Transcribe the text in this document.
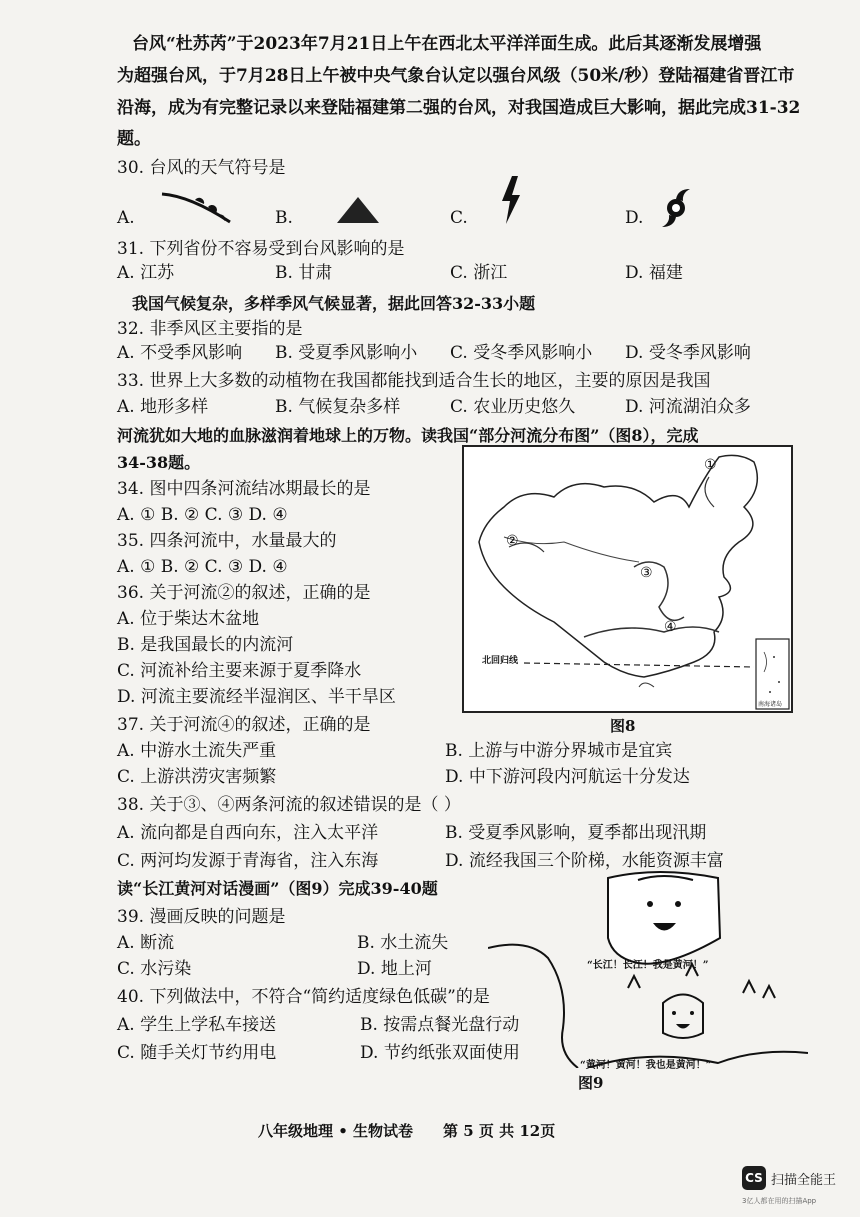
台风“杜苏芮”于2023年7月21日上午在西北太平洋洋面生成。此后其逐渐发展增强
为超强台风，于7月28日上午被中央气象台认定以强台风级（50米/秒）登陆福建省晋江市
沿海，成为有完整记录以来登陆福建第二强的台风，对我国造成巨大影响，据此完成31-32
题。
30. 台风的天气符号是
A.	B.	C.	D.
31. 下列省份不容易受到台风影响的是
A. 江苏	B. 甘肃	C. 浙江	D. 福建
我国气候复杂，多样季风气候显著，据此回答32-33小题
32. 非季风区主要指的是
A. 不受季风影响 B. 受夏季风影响小 C. 受冬季风影响小 D. 受冬季风影响
33. 世界上大多数的动植物在我国都能找到适合生长的地区，主要的原因是我国
A. 地形多样	B. 气候复杂多样	C. 农业历史悠久	D. 河流湖泊众多
河流犹如大地的血脉滋润着地球上的万物。读我国“部分河流分布图”（图8），完成
34-38题。
34. 图中四条河流结冰期最长的是
A. ① B. ② C. ③ D. ④
35. 四条河流中，水量最大的
A. ① B. ② C. ③ D. ④
36. 关于河流②的叙述，正确的是
A. 位于柴达木盆地
B. 是我国最长的内流河
C. 河流补给主要来源于夏季降水
D. 河流主要流经半湿润区、半干旱区
①
②
③
④
北回归线
南海诸岛
图8
37. 关于河流④的叙述，正确的是
A. 中游水土流失严重	B. 上游与中游分界城市是宜宾
C. 上游洪涝灾害频繁	D. 中下游河段内河航运十分发达
38. 关于③、④两条河流的叙述错误的是（ ）
A. 流向都是自西向东，注入太平洋	B. 受夏季风影响，夏季都出现汛期
C. 两河均发源于青海省，注入东海	D. 流经我国三个阶梯，水能资源丰富
读“长江黄河对话漫画”（图9）完成39-40题
39. 漫画反映的问题是
A. 断流	B. 水土流失
C. 水污染	D. 地上河
40. 下列做法中，不符合“简约适度绿色低碳”的是
A. 学生上学私车接送	B. 按需点餐光盘行动
C. 随手关灯节约用电	D. 节约纸张双面使用
“长江！长江！我是黄河！”
“黄河！黄河！我也是黄河！”
图9
八年级地理 • 生物试卷 第 5 页 共 12页
CS 扫描全能王
3亿人都在用的扫描App
